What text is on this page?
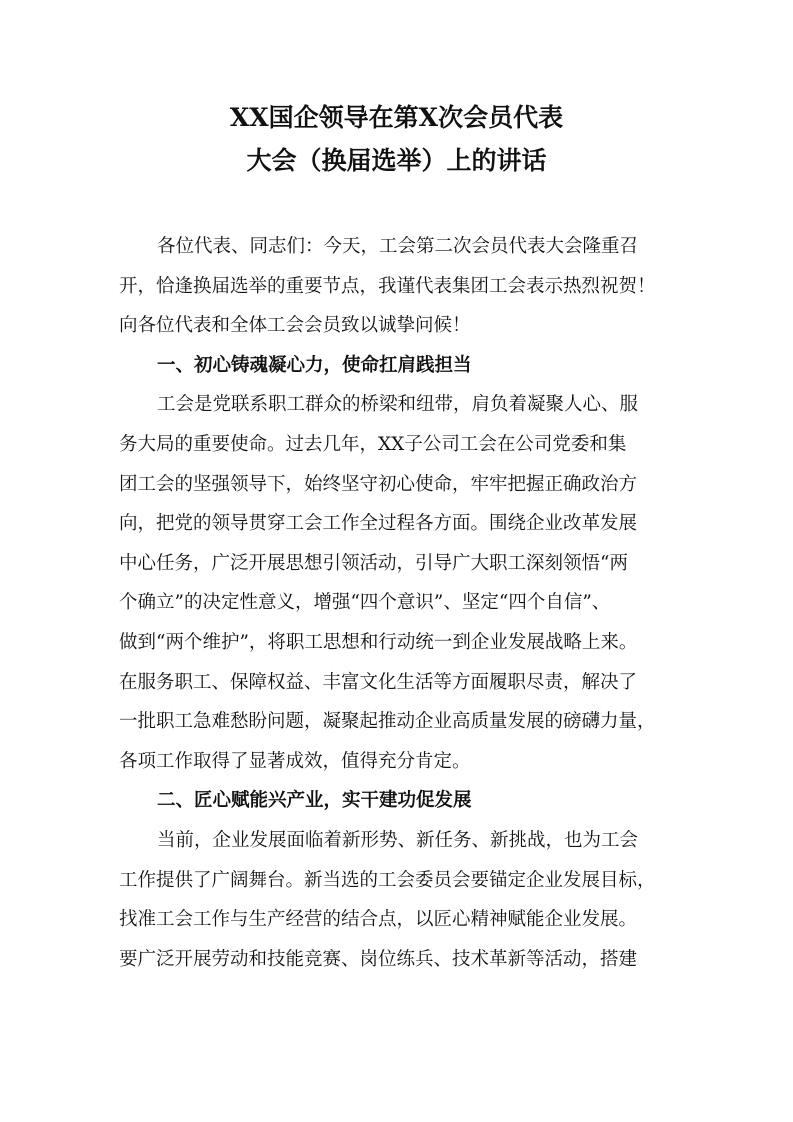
XX国企领导在第X次会员代表
大会（换届选举）上的讲话
各位代表、同志们：今天，工会第二次会员代表大会隆重召
开，恰逢换届选举的重要节点，我谨代表集团工会表示热烈祝贺！
向各位代表和全体工会会员致以诚挚问候！
一、初心铸魂凝心力，使命扛肩践担当
工会是党联系职工群众的桥梁和纽带，肩负着凝聚人心、服
务大局的重要使命。过去几年，XX子公司工会在公司党委和集
团工会的坚强领导下，始终坚守初心使命，牢牢把握正确政治方
向，把党的领导贯穿工会工作全过程各方面。围绕企业改革发展
中心任务，广泛开展思想引领活动，引导广大职工深刻领悟“两
个确立”的决定性意义，增强“四个意识”、坚定“四个自信”、
做到“两个维护”，将职工思想和行动统一到企业发展战略上来。
在服务职工、保障权益、丰富文化生活等方面履职尽责，解决了
一批职工急难愁盼问题，凝聚起推动企业高质量发展的磅礴力量，
各项工作取得了显著成效，值得充分肯定。
二、匠心赋能兴产业，实干建功促发展
当前，企业发展面临着新形势、新任务、新挑战，也为工会
工作提供了广阔舞台。新当选的工会委员会要锚定企业发展目标，
找准工会工作与生产经营的结合点，以匠心精神赋能企业发展。
要广泛开展劳动和技能竞赛、岗位练兵、技术革新等活动，搭建
